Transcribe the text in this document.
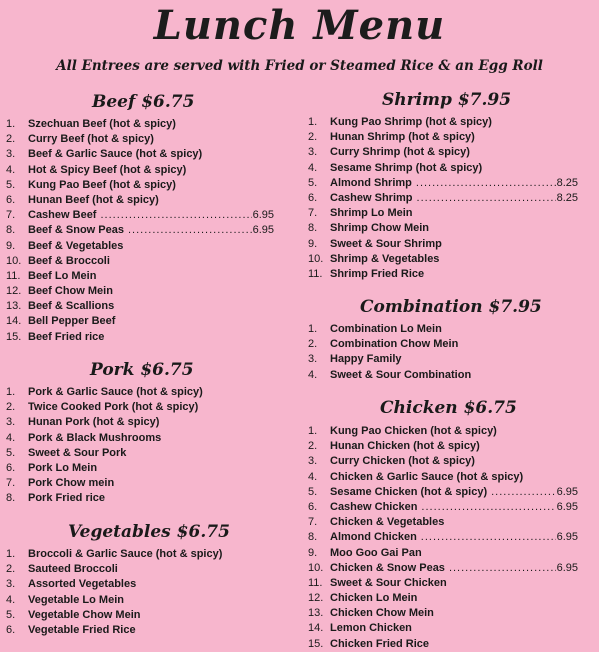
Lunch Menu
All Entrees are served with Fried or Steamed Rice & an Egg Roll
Beef $6.75
1.	Szechuan Beef (hot & spicy)
2.	Curry Beef (hot & spicy)
3.	Beef & Garlic Sauce (hot & spicy)
4.	Hot & Spicy Beef (hot & spicy)
5.	Kung Pao Beef (hot & spicy)
6.	Hunan Beef (hot & spicy)
7.	Cashew Beef .....	6.95
8.	Beef & Snow Peas .....	6.95
9.	Beef & Vegetables
10. Beef & Broccoli
11. Beef Lo Mein
12. Beef Chow Mein
13. Beef & Scallions
14. Bell Pepper Beef
15. Beef Fried rice
Pork $6.75
1.	Pork & Garlic Sauce (hot & spicy)
2.	Twice Cooked Pork (hot & spicy)
3.	Hunan Pork (hot & spicy)
4.	Pork & Black Mushrooms
5.	Sweet & Sour Pork
6.	Pork Lo Mein
7.	Pork Chow mein
8.	Pork Fried rice
Vegetables $6.75
1.	Broccoli & Garlic Sauce (hot & spicy)
2.	Sauteed Broccoli
3.	Assorted Vegetables
4.	Vegetable Lo Mein
5.	Vegetable Chow Mein
6.	Vegetable Fried Rice
Shrimp $7.95
1.	Kung Pao Shrimp (hot & spicy)
2.	Hunan Shrimp (hot & spicy)
3.	Curry Shrimp (hot & spicy)
4.	Sesame Shrimp (hot & spicy)
5.	Almond Shrimp .....	8.25
6.	Cashew Shrimp .....	8.25
7.	Shrimp Lo Mein
8.	Shrimp Chow Mein
9.	Sweet & Sour Shrimp
10. Shrimp & Vegetables
11. Shrimp Fried Rice
Combination $7.95
1.	Combination Lo Mein
2.	Combination Chow Mein
3.	Happy Family
4.	Sweet & Sour Combination
Chicken $6.75
1.	Kung Pao Chicken (hot & spicy)
2.	Hunan Chicken (hot & spicy)
3.	Curry Chicken (hot & spicy)
4.	Chicken & Garlic Sauce (hot & spicy)
5.	Sesame Chicken (hot & spicy) .....	6.95
6.	Cashew Chicken .....	6.95
7.	Chicken & Vegetables
8.	Almond Chicken .....	6.95
9.	Moo Goo Gai Pan
10. Chicken & Snow Peas .....	6.95
11. Sweet & Sour Chicken
12. Chicken Lo Mein
13. Chicken Chow Mein
14. Lemon Chicken
15. Chicken Fried Rice
